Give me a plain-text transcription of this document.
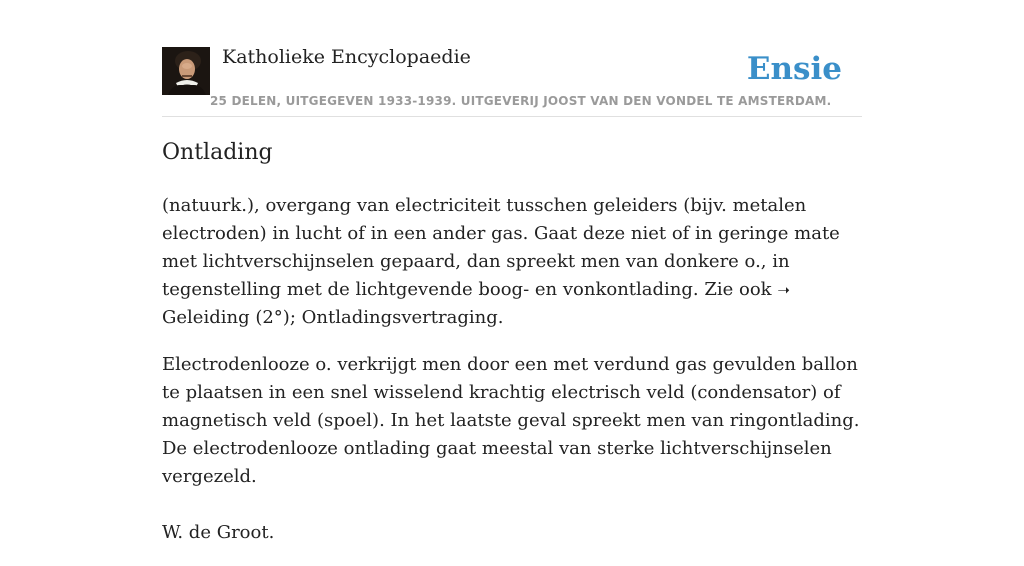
Katholieke Encyclopaedie
25 DELEN, UITGEGEVEN 1933-1939. UITGEVERIJ JOOST VAN DEN VONDEL TE AMSTERDAM.
Ensie
Ontlading

(natuurk.), overgang van electriciteit tusschen geleiders (bijv. metalen electroden) in lucht of in een ander gas. Gaat deze niet of in geringe mate met lichtverschijnselen gepaard, dan spreekt men van donkere o., in tegenstelling met de lichtgevende boog- en vonkontlading. Zie ook ➝ Geleiding (2°); Ontladingsvertraging.

Electrodenlooze o. verkrijgt men door een met verdund gas gevulden ballon te plaatsen in een snel wisselend krachtig electrisch veld (condensator) of magnetisch veld (spoel). In het laatste geval spreekt men van ringontlading. De electrodenlooze ontlading gaat meestal van sterke lichtverschijnselen vergezeld.

W. de Groot.
